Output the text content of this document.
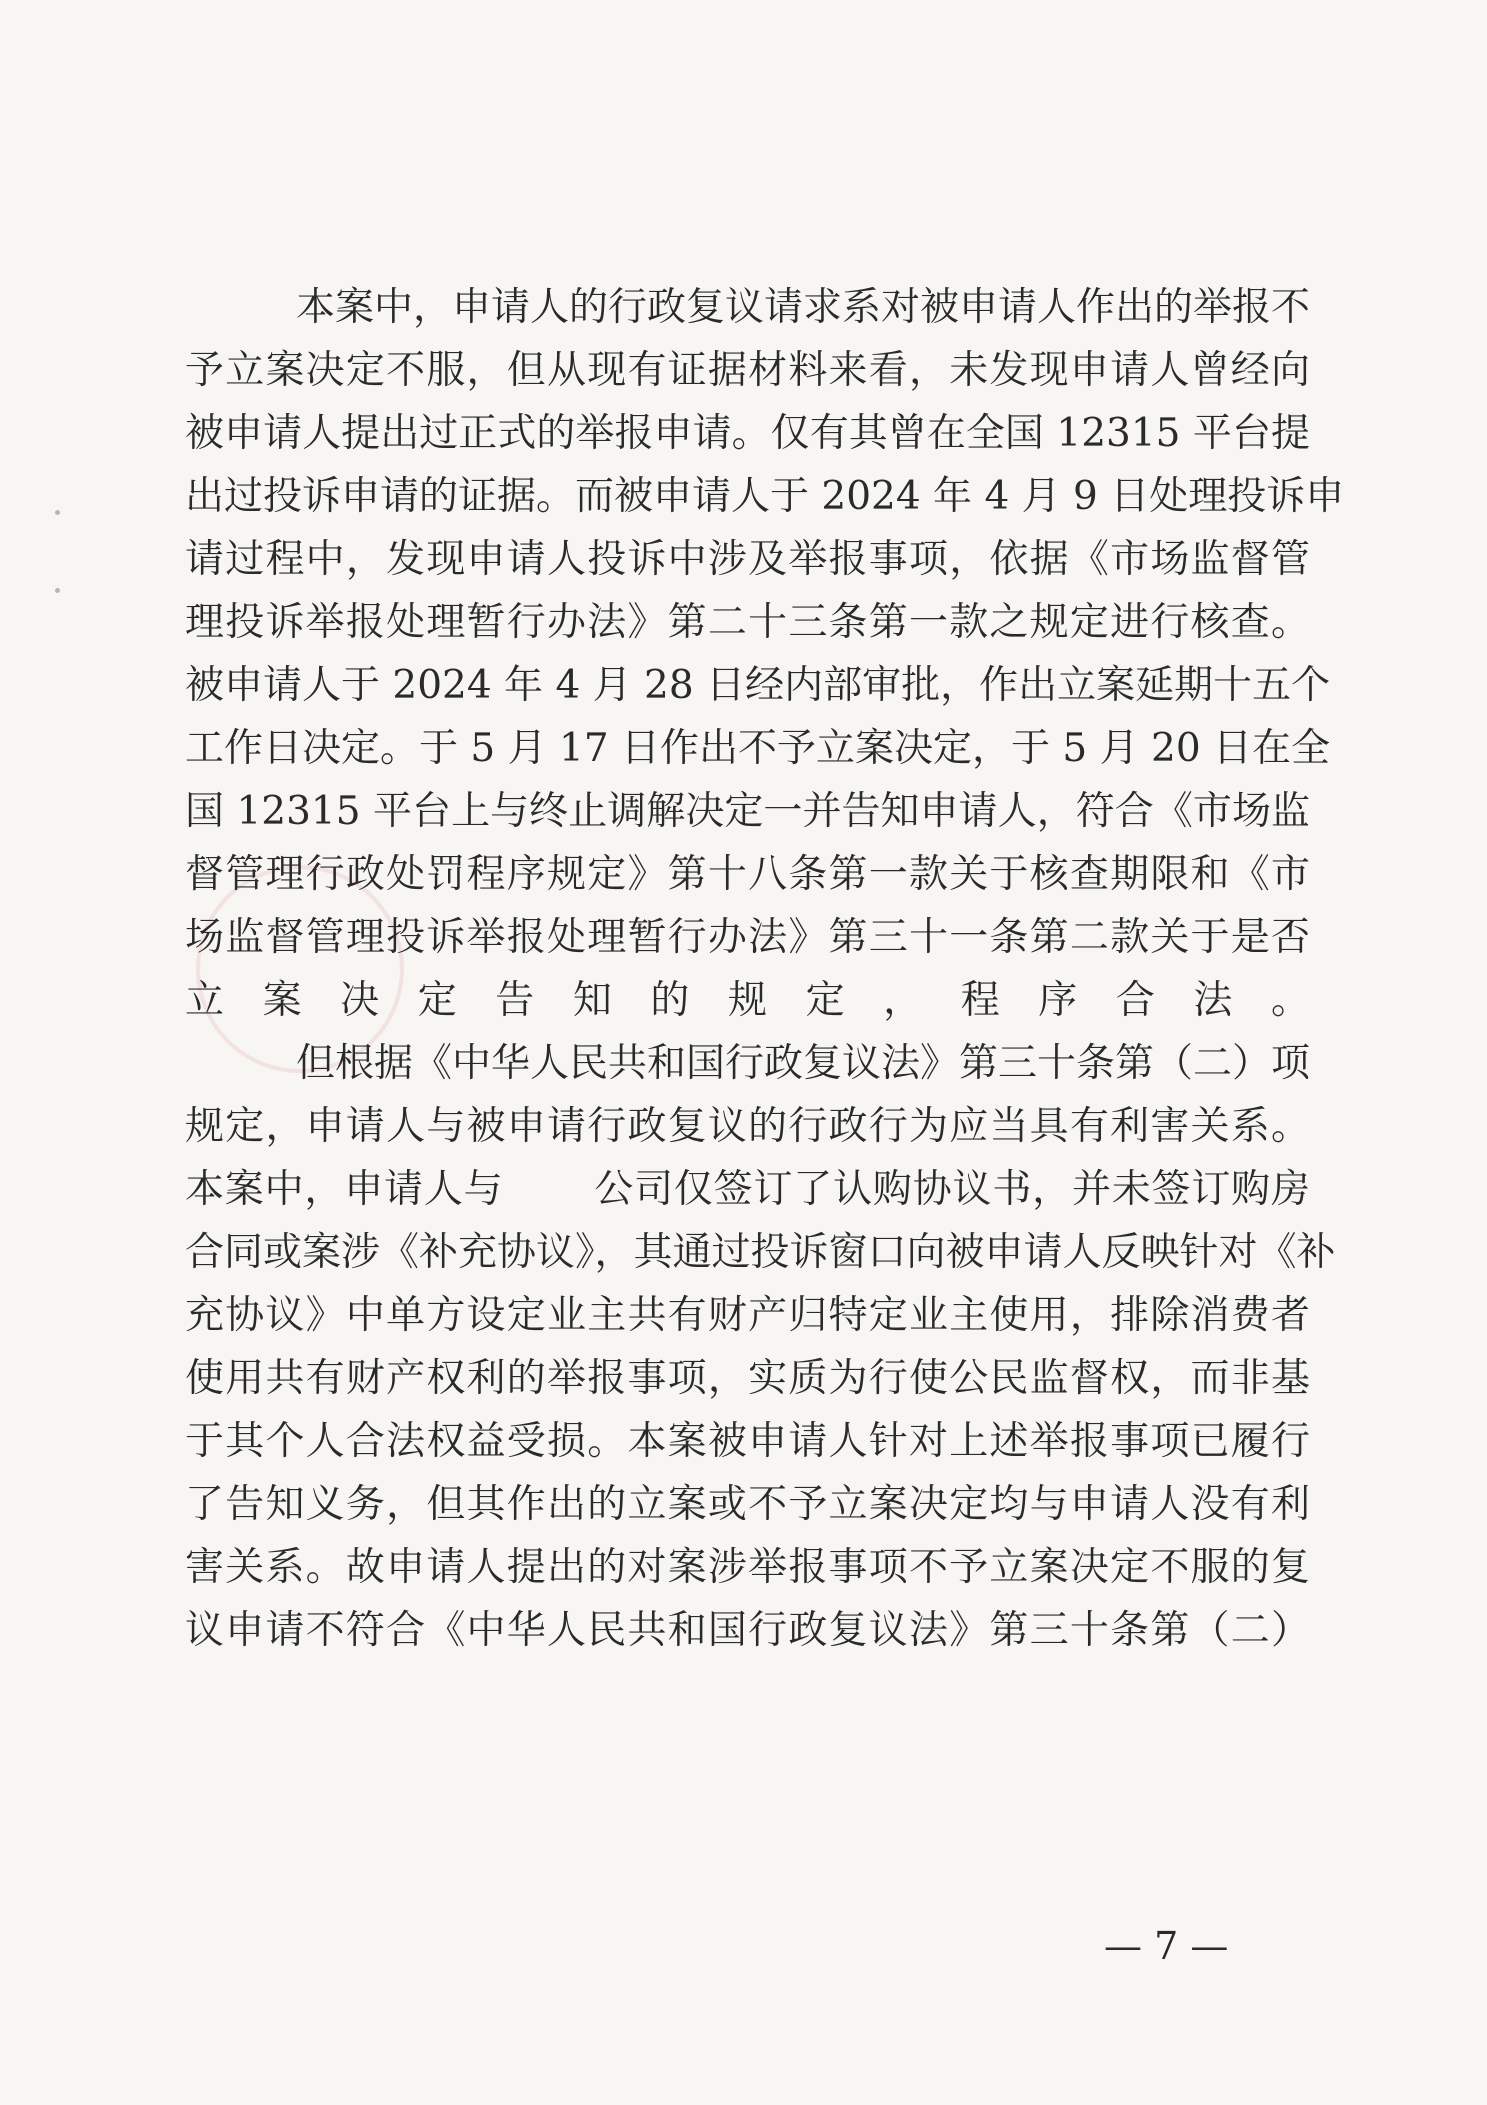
本案中，申请人的行政复议请求系对被申请人作出的举报不
予立案决定不服，但从现有证据材料来看，未发现申请人曾经向
被申请人提出过正式的举报申请。仅有其曾在全国 12315 平台提
出过投诉申请的证据。而被申请人于 2024 年 4 月 9 日处理投诉申
请过程中，发现申请人投诉中涉及举报事项，依据《市场监督管
理投诉举报处理暂行办法》第二十三条第一款之规定进行核查。
被申请人于 2024 年 4 月 28 日经内部审批，作出立案延期十五个
工作日决定。于 5 月 17 日作出不予立案决定，于 5 月 20 日在全
国 12315 平台上与终止调解决定一并告知申请人，符合《市场监
督管理行政处罚程序规定》第十八条第一款关于核查期限和《市
场监督管理投诉举报处理暂行办法》第三十一条第二款关于是否
立案决定告知的规定，程序合法。
但根据《中华人民共和国行政复议法》第三十条第（二）项
规定，申请人与被申请行政复议的行政行为应当具有利害关系。
本案中，申请人与 公司仅签订了认购协议书，并未签订购房
合同或案涉《补充协议》，其通过投诉窗口向被申请人反映针对《补
充协议》中单方设定业主共有财产归特定业主使用，排除消费者
使用共有财产权利的举报事项，实质为行使公民监督权，而非基
于其个人合法权益受损。本案被申请人针对上述举报事项已履行
了告知义务，但其作出的立案或不予立案决定均与申请人没有利
害关系。故申请人提出的对案涉举报事项不予立案决定不服的复
议申请不符合《中华人民共和国行政复议法》第三十条第（二）
— 7 —
